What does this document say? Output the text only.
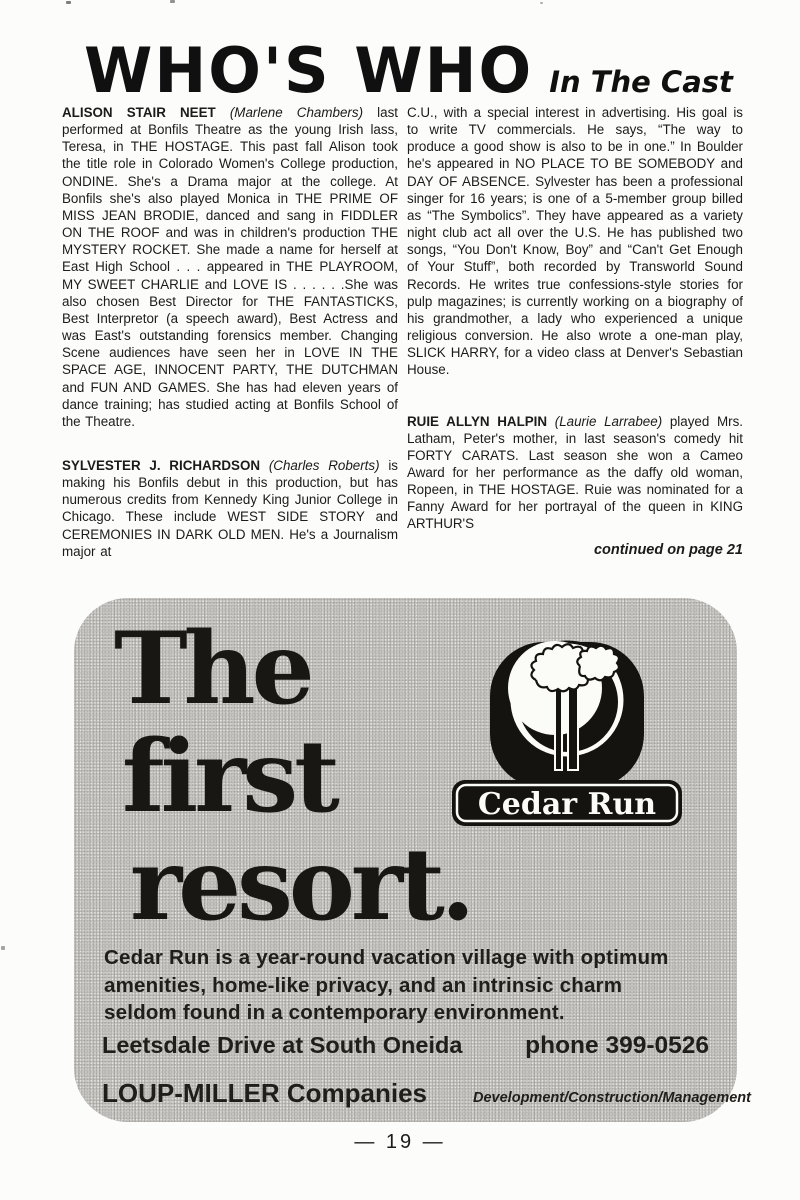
WHO'S WHO In The Cast

ALISON STAIR NEET (Marlene Chambers) last performed at Bonfils Theatre as the young Irish lass, Teresa, in THE HOSTAGE. This past fall Alison took the title role in Colorado Women's College production, ONDINE. She's a Drama major at the college. At Bonfils she's also played Monica in THE PRIME OF MISS JEAN BRODIE, danced and sang in FIDDLER ON THE ROOF and was in children's production THE MYSTERY ROCKET. She made a name for herself at East High School . . . appeared in THE PLAYROOM, MY SWEET CHARLIE and LOVE IS . . . . . .She was also chosen Best Director for THE FANTASTICKS, Best Interpretor (a speech award), Best Actress and was East's outstanding forensics member. Changing Scene audiences have seen her in LOVE IN THE SPACE AGE, INNOCENT PARTY, THE DUTCHMAN and FUN AND GAMES. She has had eleven years of dance training; has studied acting at Bonfils School of the Theatre.

SYLVESTER J. RICHARDSON (Charles Roberts) is making his Bonfils debut in this production, but has numerous credits from Kennedy King Junior College in Chicago. These include WEST SIDE STORY and CEREMONIES IN DARK OLD MEN. He's a Journalism major at

C.U., with a special interest in advertising. His goal is to write TV commercials. He says, “The way to produce a good show is also to be in one.” In Boulder he's appeared in NO PLACE TO BE SOMEBODY and DAY OF ABSENCE. Sylvester has been a professional singer for 16 years; is one of a 5-member group billed as “The Symbolics”. They have appeared as a variety night club act all over the U.S. He has published two songs, “You Don't Know, Boy” and “Can't Get Enough of Your Stuff”, both recorded by Transworld Sound Records. He writes true confessions-style stories for pulp magazines; is currently working on a biography of his grandmother, a lady who experienced a unique religious conversion. He also wrote a one-man play, SLICK HARRY, for a video class at Denver's Sebastian House.

RUIE ALLYN HALPIN (Laurie Larrabee) played Mrs. Latham, Peter's mother, in last season's comedy hit FORTY CARATS. Last season she won a Cameo Award for her performance as the daffy old woman, Ropeen, in THE HOSTAGE. Ruie was nominated for a Fanny Award for her portrayal of the queen in KING ARTHUR'S

continued on page 21
The
first
resort.
Cedar Run
Cedar Run is a year-round vacation village with optimum amenities, home-like privacy, and an intrinsic charm seldom found in a contemporary environment.
Leetsdale Drive at South Oneida	phone 399-0526
LOUP-MILLER Companies	Development/Construction/Management
— 19 —
